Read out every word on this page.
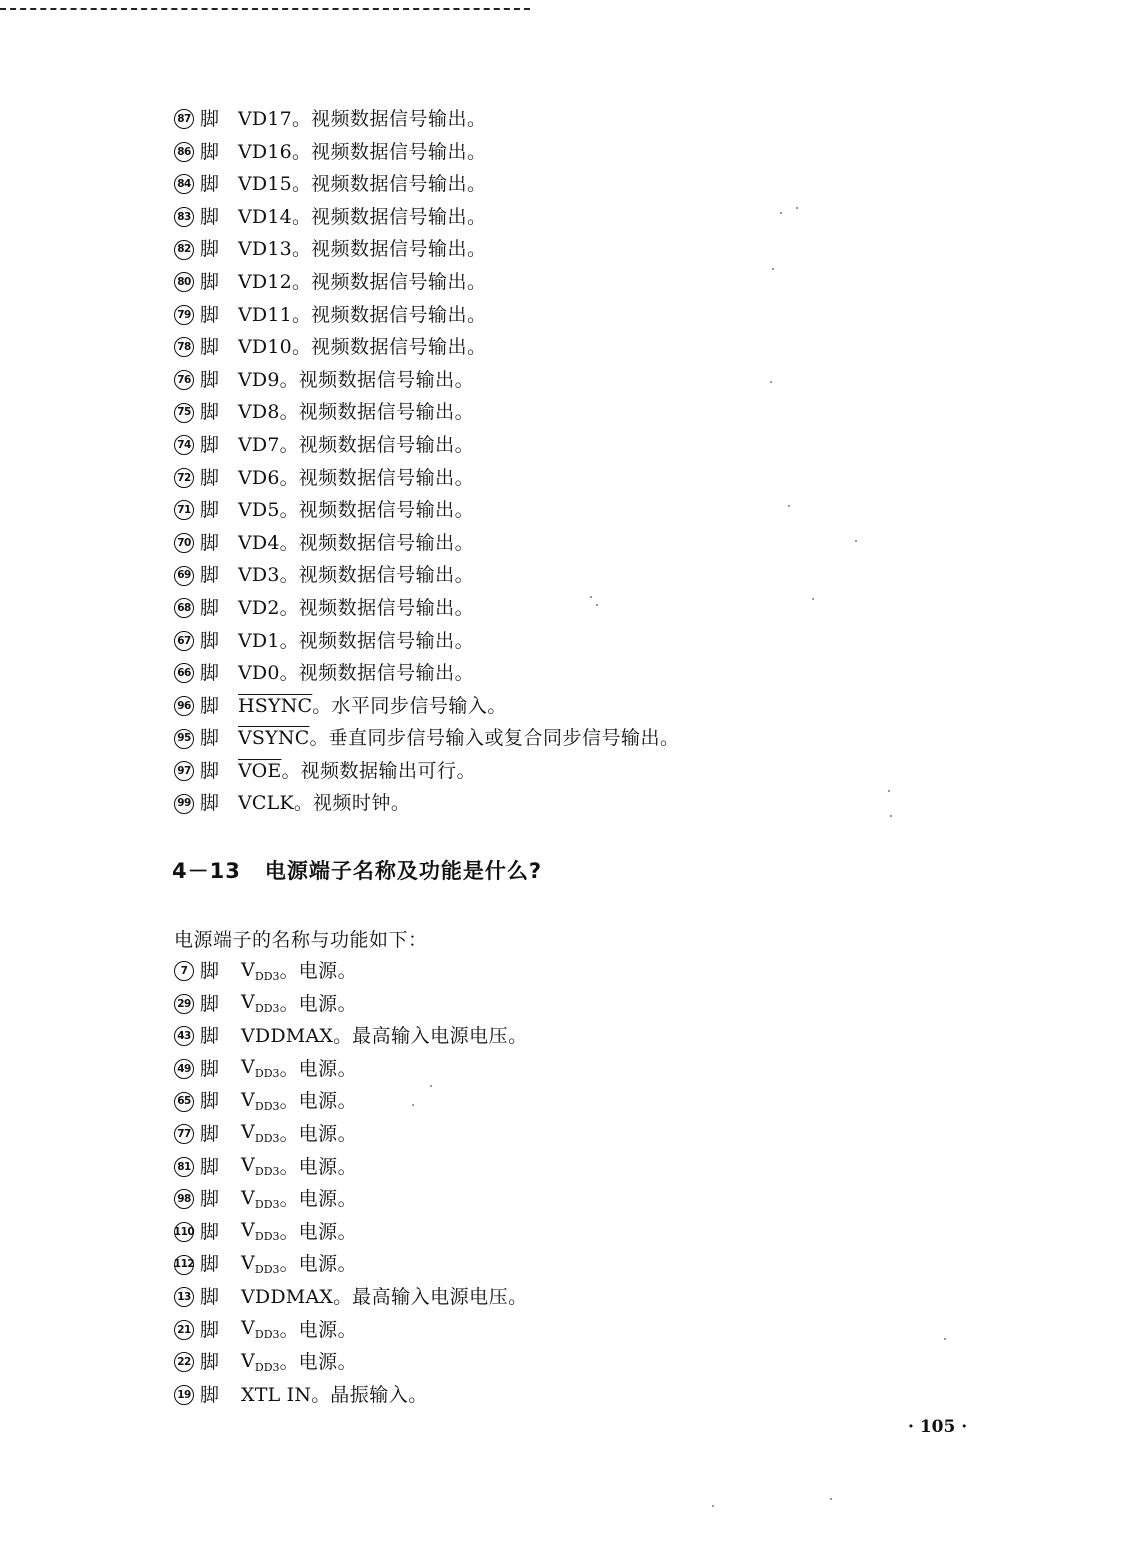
87 脚 VD17 。 视频数据信号输出。
86 脚 VD16 。 视频数据信号输出。
84 脚 VD15 。 视频数据信号输出。
83 脚 VD14 。 视频数据信号输出。
82 脚 VD13 。 视频数据信号输出。
80 脚 VD12 。 视频数据信号输出。
79 脚 VD11 。 视频数据信号输出。
78 脚 VD10 。 视频数据信号输出。
76 脚 VD9 。 视频数据信号输出。
75 脚 VD8 。 视频数据信号输出。
74 脚 VD7 。 视频数据信号输出。
72 脚 VD6 。 视频数据信号输出。
71 脚 VD5 。 视频数据信号输出。
70 脚 VD4 。 视频数据信号输出。
69 脚 VD3 。 视频数据信号输出。
68 脚 VD2 。 视频数据信号输出。
67 脚 VD1 。 视频数据信号输出。
66 脚 VD0 。 视频数据信号输出。
96 脚 HSYNC 。 水平同步信号输入。
95 脚 VSYNC 。 垂直同步信号输入或复合同步信号输出。
97 脚 $\overline{VOE}$ 。 视频数据输出可行。
99 脚 VCLK 。 视频时钟。
4－13 电源端子名称及功能是什么?
电源端子的名称与功能如下：
7 脚	$V_{DD3}$ 。 电源。
29 脚	$V_{DD3}$ 。 电源。
43 脚	VDDMAX 。 最高输入电源电压。
49 脚	$V_{DD3}$ 。 电源。
65 脚	$V_{DD3}$ 。 电源。
77 脚	$V_{DD3}$ 。 电源。
81 脚	$V_{DD3}$ 。 电源。
98 脚	$V_{DD3}$ 。 电源。
110 脚	$V_{DD3}$ 。 电源。
112 脚	$V_{DD3}$ 。 电源。
13 脚	VDDMAX 。 最高输入电源电压。
21 脚	$V_{DD3}$ 。 电源。
22 脚	$V_{DD3}$ 。 电源。
19 脚	XTL IN 。 晶振输入。
· 105 ·
